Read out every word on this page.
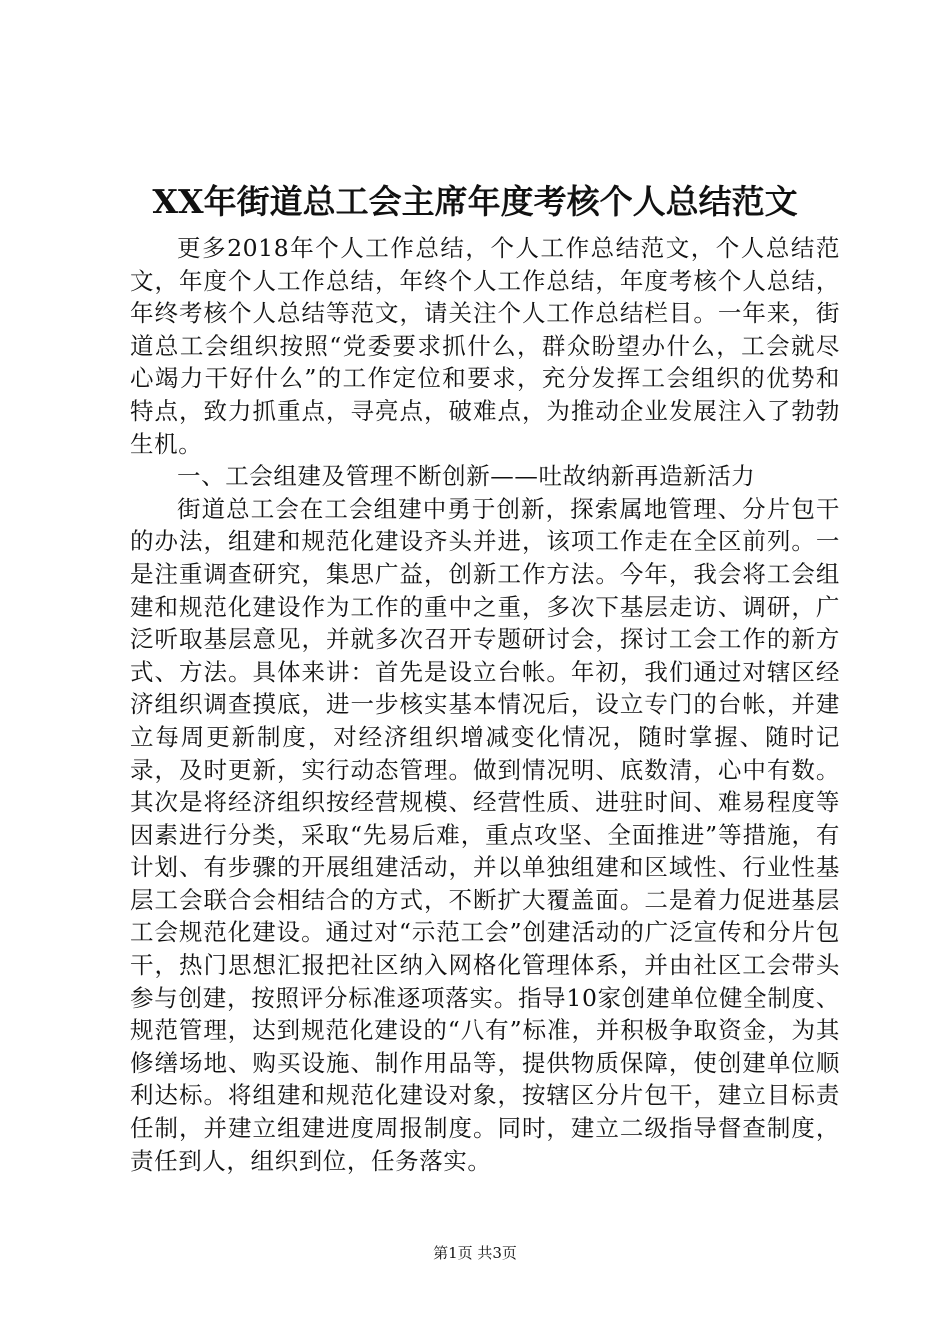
XX年街道总工会主席年度考核个人总结范文

更多2018年个人工作总结，个人工作总结范文，个人总结范文，年度个人工作总结，年终个人工作总结，年度考核个人总结，年终考核个人总结等范文，请关注个人工作总结栏目。一年来，街道总工会组织按照“党委要求抓什么，群众盼望办什么，工会就尽心竭力干好什么”的工作定位和要求，充分发挥工会组织的优势和特点，致力抓重点，寻亮点，破难点，为推动企业发展注入了勃勃生机。

一、工会组建及管理不断创新——吐故纳新再造新活力

街道总工会在工会组建中勇于创新，探索属地管理、分片包干的办法，组建和规范化建设齐头并进，该项工作走在全区前列。一是注重调查研究，集思广益，创新工作方法。今年，我会将工会组建和规范化建设作为工作的重中之重，多次下基层走访、调研，广泛听取基层意见，并就多次召开专题研讨会，探讨工会工作的新方式、方法。具体来讲：首先是设立台帐。年初，我们通过对辖区经济组织调查摸底，进一步核实基本情况后，设立专门的台帐，并建立每周更新制度，对经济组织增减变化情况，随时掌握、随时记录，及时更新，实行动态管理。做到情况明、底数清，心中有数。其次是将经济组织按经营规模、经营性质、进驻时间、难易程度等因素进行分类，采取“先易后难，重点攻坚、全面推进”等措施，有计划、有步骤的开展组建活动，并以单独组建和区域性、行业性基层工会联合会相结合的方式，不断扩大覆盖面。二是着力促进基层工会规范化建设。通过对“示范工会”创建活动的广泛宣传和分片包干，热门思想汇报把社区纳入网格化管理体系，并由社区工会带头参与创建，按照评分标准逐项落实。指导10家创建单位健全制度、规范管理，达到规范化建设的“八有”标准，并积极争取资金，为其修缮场地、购买设施、制作用品等，提供物质保障，使创建单位顺利达标。将组建和规范化建设对象，按辖区分片包干，建立目标责任制，并建立组建进度周报制度。同时，建立二级指导督查制度，责任到人，组织到位，任务落实。

第1页 共3页
